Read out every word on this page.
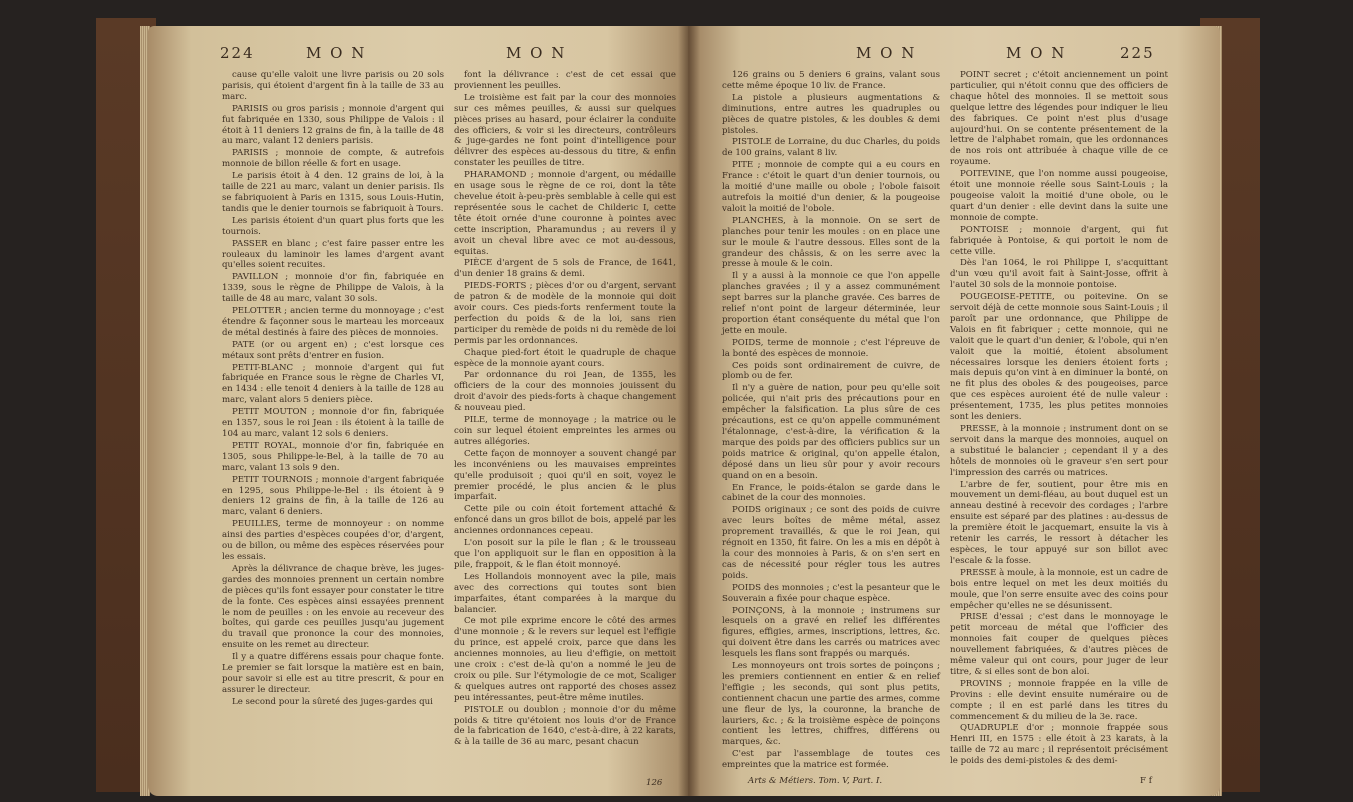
224	M O N	M O N

cause qu'elle valoit une livre parisis ou 20 sols parisis, qui étoient d'argent fin à la taille de 33 au marc.

PARISIS ou gros parisis ; monnoie d'argent qui fut fabriquée en 1330, sous Philippe de Valois : il étoit à 11 deniers 12 grains de fin, à la taille de 48 au marc, valant 12 deniers parisis.

PARISIS ; monnoie de compte, & autrefois monnoie de billon réelle & fort en usage.

Le parisis étoit à 4 den. 12 grains de loi, à la taille de 221 au marc, valant un denier parisis. Ils se fabriquoient à Paris en 1315, sous Louis-Hutin, tandis que le denier tournois se fabriquoit à Tours.

Les parisis étoient d'un quart plus forts que les tournois.

PASSER en blanc ; c'est faire passer entre les rouleaux du laminoir les lames d'argent avant qu'elles soient recuites.

PAVILLON ; monnoie d'or fin, fabriquée en 1339, sous le règne de Philippe de Valois, à la taille de 48 au marc, valant 30 sols.

PELOTTER ; ancien terme du monnoyage ; c'est étendre & façonner sous le marteau les morceaux de métal destinés à faire des pièces de monnoies.

PATE (or ou argent en) ; c'est lorsque ces métaux sont prêts d'entrer en fusion.

PETIT-BLANC ; monnoie d'argent qui fut fabriquée en France sous le règne de Charles VI, en 1434 : elle tenoit 4 deniers à la taille de 128 au marc, valant alors 5 deniers pièce.

PETIT MOUTON ; monnoie d'or fin, fabriquée en 1357, sous le roi Jean : ils étoient à la taille de 104 au marc, valant 12 sols 6 deniers.

PETIT ROYAL, monnoie d'or fin, fabriquée en 1305, sous Philippe-le-Bel, à la taille de 70 au marc, valant 13 sols 9 den.

PETIT TOURNOIS ; monnoie d'argent fabriquée en 1295, sous Philippe-le-Bel : ils étoient à 9 deniers 12 grains de fin, à la taille de 126 au marc, valant 6 deniers.

PEUILLES, terme de monnoyeur : on nomme ainsi des parties d'espèces coupées d'or, d'argent, ou de billon, ou même des espèces réservées pour les essais.

Après la délivrance de chaque brève, les juges-gardes des monnoies prennent un certain nombre de pièces qu'ils font essayer pour constater le titre de la fonte. Ces espèces ainsi essayées prennent le nom de peuilles : on les envoie au receveur des boîtes, qui garde ces peuilles jusqu'au jugement du travail que prononce la cour des monnoies, ensuite on les remet au directeur.

Il y a quatre différens essais pour chaque fonte. Le premier se fait lorsque la matière est en bain, pour savoir si elle est au titre prescrit, & pour en assurer le directeur.

Le second pour la sûreté des juges-gardes qui

font la délivrance : c'est de cet essai que proviennent les peuilles.

Le troisième est fait par la cour des monnoies sur ces mêmes peuilles, & aussi sur quelques pièces prises au hasard, pour éclairer la conduite des officiers, & voir si les directeurs, contrôleurs & juge-gardes ne font point d'intelligence pour délivrer des espèces au-dessous du titre, & enfin constater les peuilles de titre.

PHARAMOND ; monnoie d'argent, ou médaille en usage sous le règne de ce roi, dont la tête chevelue étoit à-peu-près semblable à celle qui est représentée sous le cachet de Childeric I, cette tête étoit ornée d'une couronne à pointes avec cette inscription, Pharamundus ; au revers il y avoit un cheval libre avec ce mot au-dessous, equitas.

PIÈCE d'argent de 5 sols de France, de 1641, d'un denier 18 grains & demi.

PIEDS-FORTS ; pièces d'or ou d'argent, servant de patron & de modèle de la monnoie qui doit avoir cours. Ces pieds-forts renferment toute la perfection du poids & de la loi, sans rien participer du remède de poids ni du remède de loi permis par les ordonnances.

Chaque pied-fort étoit le quadruple de chaque espèce de la monnoie ayant cours.

Par ordonnance du roi Jean, de 1355, les officiers de la cour des monnoies jouissent du droit d'avoir des pieds-forts à chaque changement & nouveau pied.

PILE, terme de monnoyage ; la matrice ou le coin sur lequel étoient empreintes les armes ou autres allégories.

Cette façon de monnoyer a souvent changé par les inconvéniens ou les mauvaises empreintes qu'elle produisoit ; quoi qu'il en soit, voyez le premier procédé, le plus ancien & le plus imparfait.

Cette pile ou coin étoit fortement attaché & enfoncé dans un gros billot de bois, appelé par les anciennes ordonnances cepeau.

L'on posoit sur la pile le flan ; & le trousseau que l'on appliquoit sur le flan en opposition à la pile, frappoit, & le flan étoit monnoyé.

Les Hollandois monnoyent avec la pile, mais avec des corrections qui toutes sont bien imparfaites, étant comparées à la marque du balancier.

Ce mot pile exprime encore le côté des armes d'une monnoie ; & le revers sur lequel est l'effigie du prince, est appelé croix, parce que dans les anciennes monnoies, au lieu d'effigie, on mettoit une croix : c'est de-là qu'on a nommé le jeu de croix ou pile. Sur l'étymologie de ce mot, Scaliger & quelques autres ont rapporté des choses assez peu intéressantes, peut-être même inutiles.

PISTOLE ou doublon ; monnoie d'or du même poids & titre qu'étoient nos louis d'or de France de la fabrication de 1640, c'est-à-dire, à 22 karats, & à la taille de 36 au marc, pesant chacun

126
M O N	M O N	225

126 grains ou 5 deniers 6 grains, valant sous cette même époque 10 liv. de France.

La pistole a plusieurs augmentations & diminutions, entre autres les quadruples ou pièces de quatre pistoles, & les doubles & demi pistoles.

PISTOLE de Lorraine, du duc Charles, du poids de 100 grains, valant 8 liv.

PITE ; monnoie de compte qui a eu cours en France : c'étoit le quart d'un denier tournois, ou la moitié d'une maille ou obole ; l'obole faisoit autrefois la moitié d'un denier, & la pougeoise valoit la moitié de l'obole.

PLANCHES, à la monnoie. On se sert de planches pour tenir les moules : on en place une sur le moule & l'autre dessous. Elles sont de la grandeur des châssis, & on les serre avec la presse à moule & le coin.

Il y a aussi à la monnoie ce que l'on appelle planches gravées ; il y a assez communément sept barres sur la planche gravée. Ces barres de relief n'ont point de largeur déterminée, leur proportion étant conséquente du métal que l'on jette en moule.

POIDS, terme de monnoie ; c'est l'épreuve de la bonté des espèces de monnoie.

Ces poids sont ordinairement de cuivre, de plomb ou de fer.

Il n'y a guère de nation, pour peu qu'elle soit policée, qui n'ait pris des précautions pour en empêcher la falsification. La plus sûre de ces précautions, est ce qu'on appelle communément l'étalonnage, c'est-à-dire, la vérification & la marque des poids par des officiers publics sur un poids matrice & original, qu'on appelle étalon, déposé dans un lieu sûr pour y avoir recours quand on en a besoin.

En France, le poids-étalon se garde dans le cabinet de la cour des monnoies.

POIDS originaux ; ce sont des poids de cuivre avec leurs boîtes de même métal, assez proprement travaillés, & que le roi Jean, qui régnoit en 1350, fit faire. On les a mis en dépôt à la cour des monnoies à Paris, & on s'en sert en cas de nécessité pour régler tous les autres poids.

POIDS des monnoies ; c'est la pesanteur que le Souverain a fixée pour chaque espèce.

POINÇONS, à la monnoie ; instrumens sur lesquels on a gravé en relief les différentes figures, effigies, armes, inscriptions, lettres, &c. qui doivent être dans les carrés ou matrices avec lesquels les flans sont frappés ou marqués.

Les monnoyeurs ont trois sortes de poinçons ; les premiers contiennent en entier & en relief l'effigie ; les seconds, qui sont plus petits, contiennent chacun une partie des armes, comme une fleur de lys, la couronne, la branche de lauriers, &c. ; & la troisième espèce de poinçons contient les lettres, chiffres, différens ou marques, &c.

C'est par l'assemblage de toutes ces empreintes que la matrice est formée.

Arts & Métiers. Tom. V, Part. I.

POINT secret ; c'étoit anciennement un point particulier, qui n'étoit connu que des officiers de chaque hôtel des monnoies. Il se mettoit sous quelque lettre des légendes pour indiquer le lieu des fabriques. Ce point n'est plus d'usage aujourd'hui. On se contente présentement de la lettre de l'alphabet romain, que les ordonnances de nos rois ont attribuée à chaque ville de ce royaume.

POITEVINE, que l'on nomme aussi pougeoise, étoit une monnoie réelle sous Saint-Louis ; la pougeoise valoit la moitié d'une obole, ou le quart d'un denier : elle devint dans la suite une monnoie de compte.

PONTOISE ; monnoie d'argent, qui fut fabriquée à Pontoise, & qui portoit le nom de cette ville.

Dès l'an 1064, le roi Philippe I, s'acquittant d'un vœu qu'il avoit fait à Saint-Josse, offrit à l'autel 30 sols de la monnoie pontoise.

POUGEOISE-PETITE, ou poitevine. On se servoit déjà de cette monnoie sous Saint-Louis ; il paroît par une ordonnance, que Philippe de Valois en fit fabriquer ; cette monnoie, qui ne valoit que le quart d'un denier, & l'obole, qui n'en valoit que la moitié, étoient absolument nécessaires lorsque les deniers étoient forts ; mais depuis qu'on vint à en diminuer la bonté, on ne fit plus des oboles & des pougeoises, parce que ces espèces auroient été de nulle valeur : présentement, 1735, les plus petites monnoies sont les deniers.

PRESSE, à la monnoie ; instrument dont on se servoit dans la marque des monnoies, auquel on a substitué le balancier ; cependant il y a des hôtels de monnoies où le graveur s'en sert pour l'impression des carrés ou matrices.

L'arbre de fer, soutient, pour être mis en mouvement un demi-fléau, au bout duquel est un anneau destiné à recevoir des cordages ; l'arbre ensuite est séparé par des platines : au-dessus de la première étoit le jacquemart, ensuite la vis à retenir les carrés, le ressort à détacher les espèces, le tour appuyé sur son billot avec l'escale & la fosse.

PRESSE à moule, à la monnoie, est un cadre de bois entre lequel on met les deux moitiés du moule, que l'on serre ensuite avec des coins pour empêcher qu'elles ne se désunissent.

PRISE d'essai ; c'est dans le monnoyage le petit morceau de métal que l'officier des monnoies fait couper de quelques pièces nouvellement fabriquées, & d'autres pièces de même valeur qui ont cours, pour juger de leur titre, & si elles sont de bon aloi.

PROVINS ; monnoie frappée en la ville de Provins : elle devint ensuite numéraire ou de compte ; il en est parlé dans les titres du commencement & du milieu de la 3e. race.

QUADRUPLE d'or ; monnoie frappée sous Henri III, en 1575 : elle étoit à 23 karats, à la taille de 72 au marc ; il représentoit précisément le poids des demi-pistoles & des demi-

F f
